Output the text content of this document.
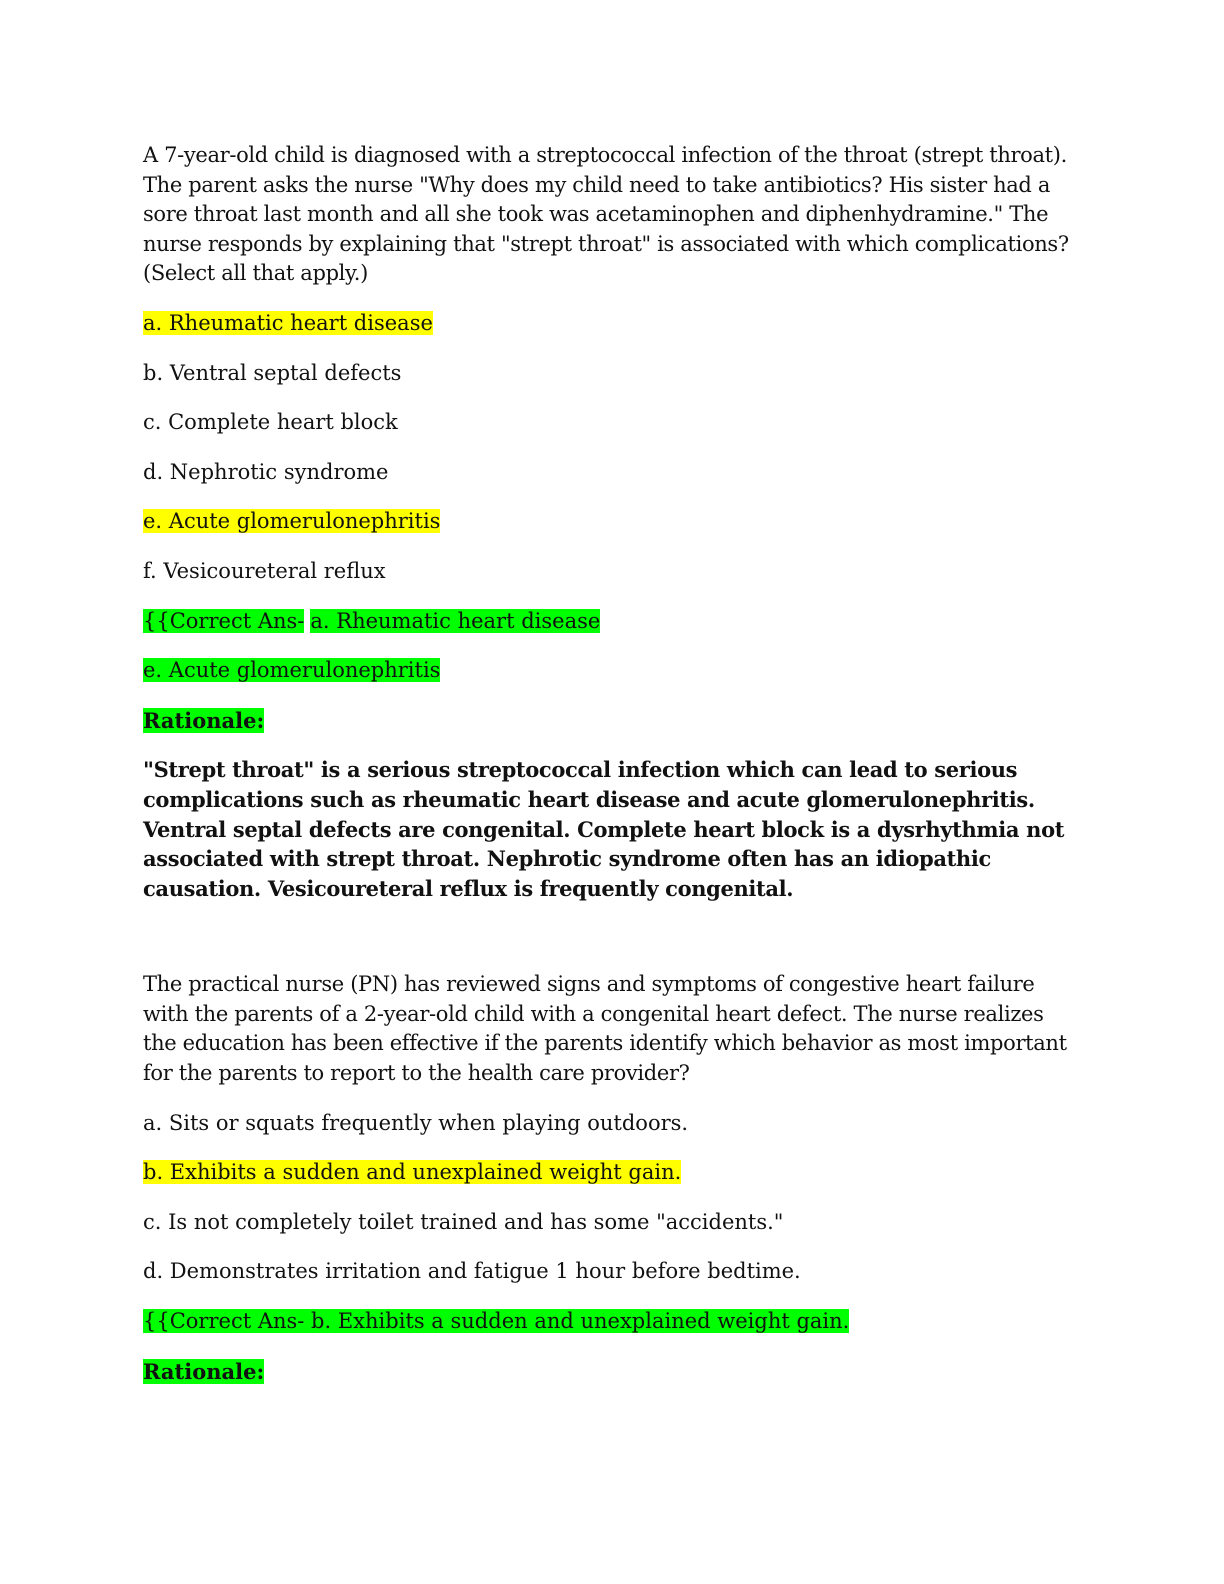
A 7-year-old child is diagnosed with a streptococcal infection of the throat (strept throat). The parent asks the nurse "Why does my child need to take antibiotics? His sister had a sore throat last month and all she took was acetaminophen and diphenhydramine." The nurse responds by explaining that "strept throat" is associated with which complications? (Select all that apply.)

a. Rheumatic heart disease

b. Ventral septal defects

c. Complete heart block

d. Nephrotic syndrome

e. Acute glomerulonephritis

f. Vesicoureteral reflux

{{Correct Ans- a. Rheumatic heart disease

e. Acute glomerulonephritis

Rationale:

"Strept throat" is a serious streptococcal infection which can lead to serious complications such as rheumatic heart disease and acute glomerulonephritis. Ventral septal defects are congenital. Complete heart block is a dysrhythmia not associated with strept throat. Nephrotic syndrome often has an idiopathic causation. Vesicoureteral reflux is frequently congenital.

The practical nurse (PN) has reviewed signs and symptoms of congestive heart failure with the parents of a 2-year-old child with a congenital heart defect. The nurse realizes the education has been effective if the parents identify which behavior as most important for the parents to report to the health care provider?

a. Sits or squats frequently when playing outdoors.

b. Exhibits a sudden and unexplained weight gain.

c. Is not completely toilet trained and has some "accidents."

d. Demonstrates irritation and fatigue 1 hour before bedtime.

{{Correct Ans- b. Exhibits a sudden and unexplained weight gain.

Rationale:
